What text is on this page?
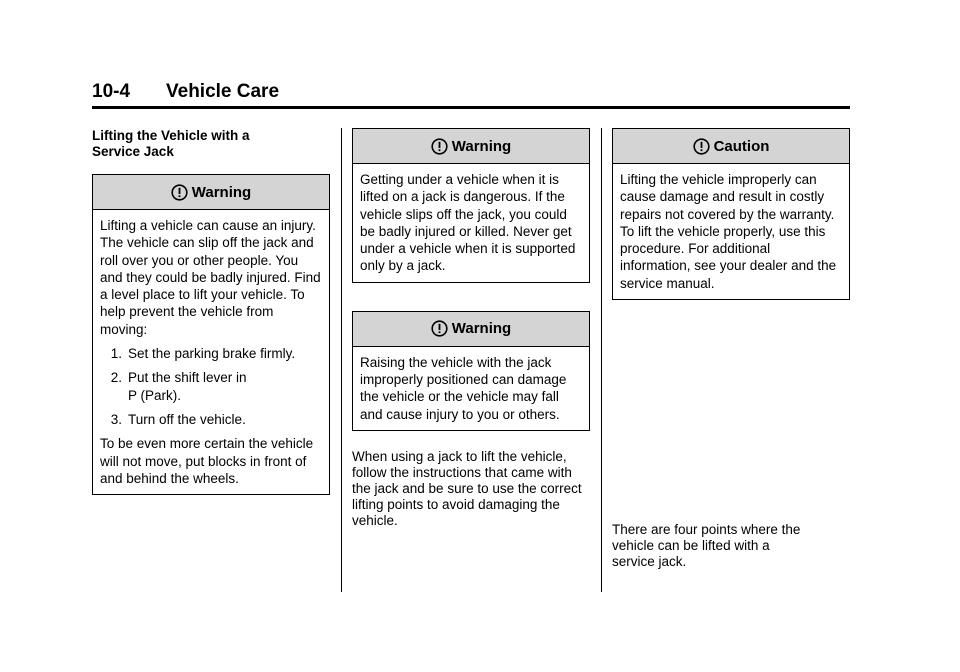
10-4 Vehicle Care
Lifting the Vehicle with a Service Jack
Warning

Lifting a vehicle can cause an injury. The vehicle can slip off the jack and roll over you or other people. You and they could be badly injured. Find a level place to lift your vehicle. To help prevent the vehicle from moving:

1. Set the parking brake firmly.
2. Put the shift lever in P (Park).
3. Turn off the vehicle.

To be even more certain the vehicle will not move, put blocks in front of and behind the wheels.

Warning

Getting under a vehicle when it is lifted on a jack is dangerous. If the vehicle slips off the jack, you could be badly injured or killed. Never get under a vehicle when it is supported only by a jack.

Warning

Raising the vehicle with the jack improperly positioned can damage the vehicle or the vehicle may fall and cause injury to you or others.

When using a jack to lift the vehicle, follow the instructions that came with the jack and be sure to use the correct lifting points to avoid damaging the vehicle.

Caution

Lifting the vehicle improperly can cause damage and result in costly repairs not covered by the warranty. To lift the vehicle properly, use this procedure. For additional information, see your dealer and the service manual.

There are four points where the vehicle can be lifted with a service jack.
